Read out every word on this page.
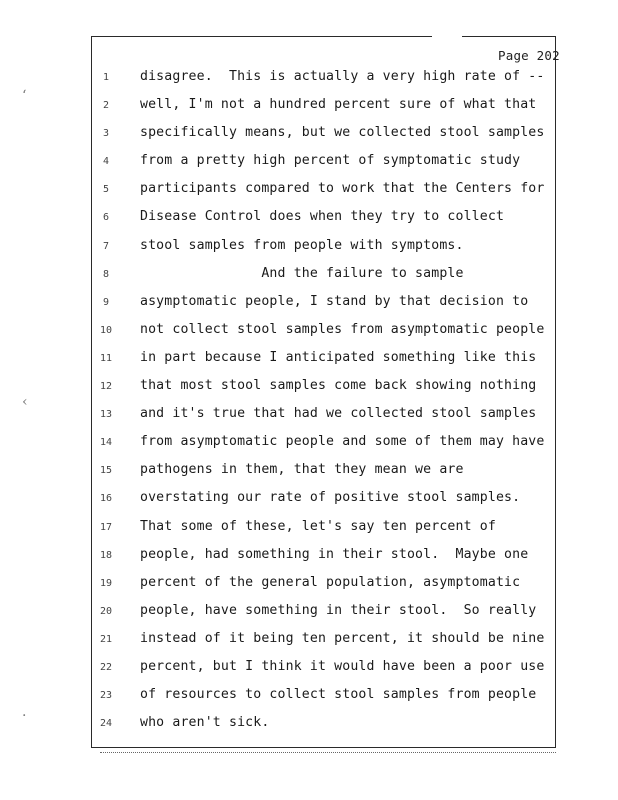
Page 202
1	disagree.  This is actually a very high rate of --
2	well, I'm not a hundred percent sure of what that
3	specifically means, but we collected stool samples
4	from a pretty high percent of symptomatic study
5	participants compared to work that the Centers for
6	Disease Control does when they try to collect
7	stool samples from people with symptoms.
8	And the failure to sample
9	asymptomatic people, I stand by that decision to
10	not collect stool samples from asymptomatic people
11	in part because I anticipated something like this
12	that most stool samples come back showing nothing
13	and it's true that had we collected stool samples
14	from asymptomatic people and some of them may have
15	pathogens in them, that they mean we are
16	overstating our rate of positive stool samples.
17	That some of these, let's say ten percent of
18	people, had something in their stool.  Maybe one
19	percent of the general population, asymptomatic
20	people, have something in their stool.  So really
21	instead of it being ten percent, it should be nine
22	percent, but I think it would have been a poor use
23	of resources to collect stool samples from people
24	who aren't sick.
ʻ
‹
·
